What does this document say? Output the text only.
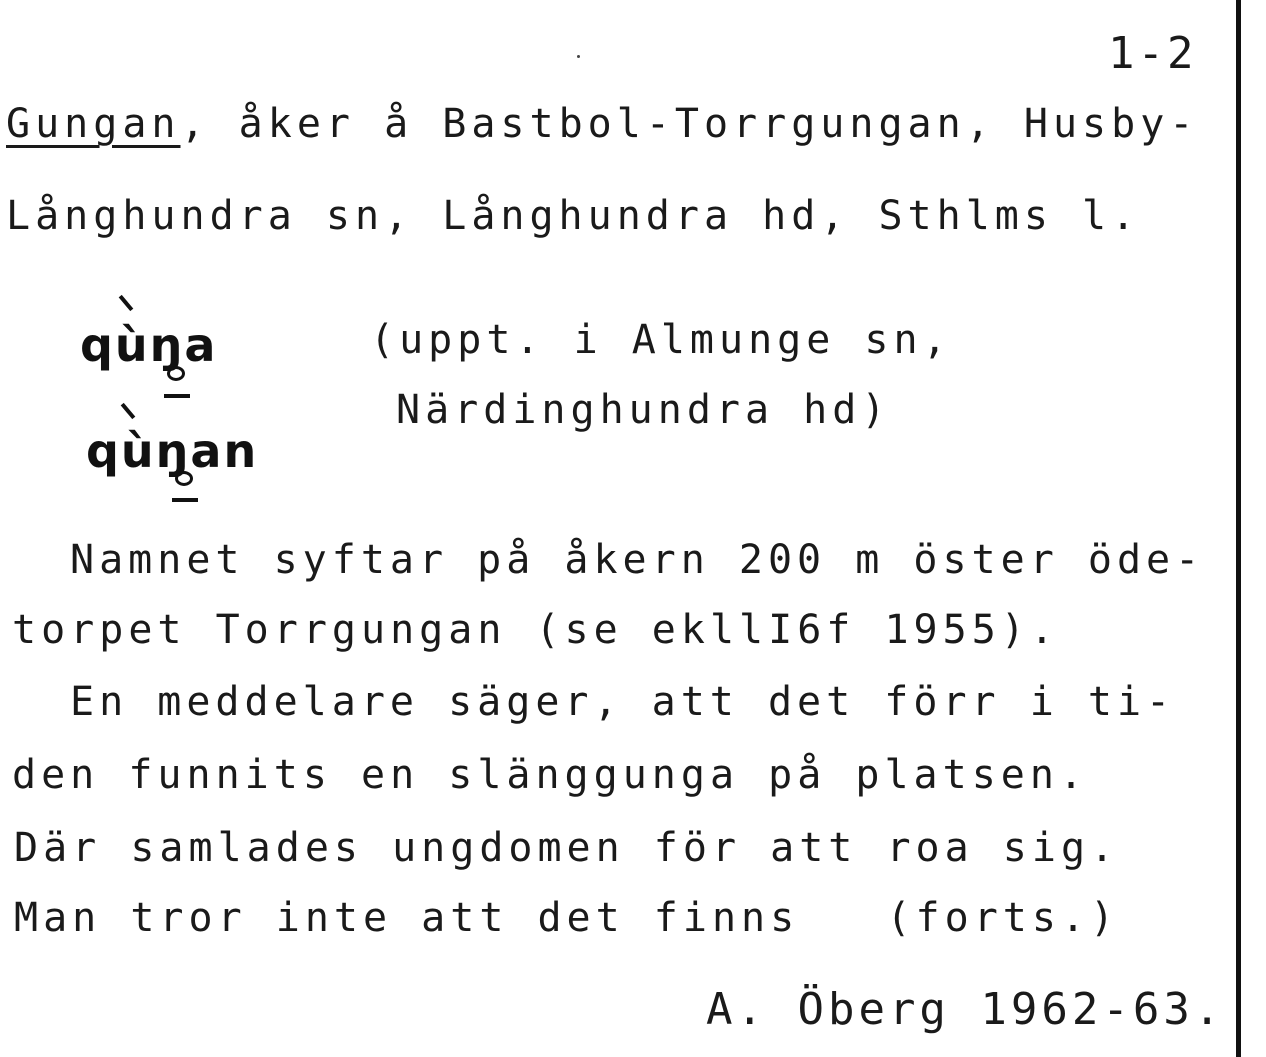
1-2
Gungan, åker å Bastbol-Torrgungan, Husby-
Långhundra sn, Långhundra hd, Sthlms l.
qùŋa
qùŋan
(uppt. i Almunge sn,
Närdinghundra hd)
Namnet syftar på åkern 200 m öster öde-
torpet Torrgungan (se ekllI6f 1955).
En meddelare säger, att det förr i ti-
den funnits en slänggunga på platsen.
Där samlades ungdomen för att roa sig.
Man tror inte att det finns   (forts.)
A. Öberg 1962-63.
